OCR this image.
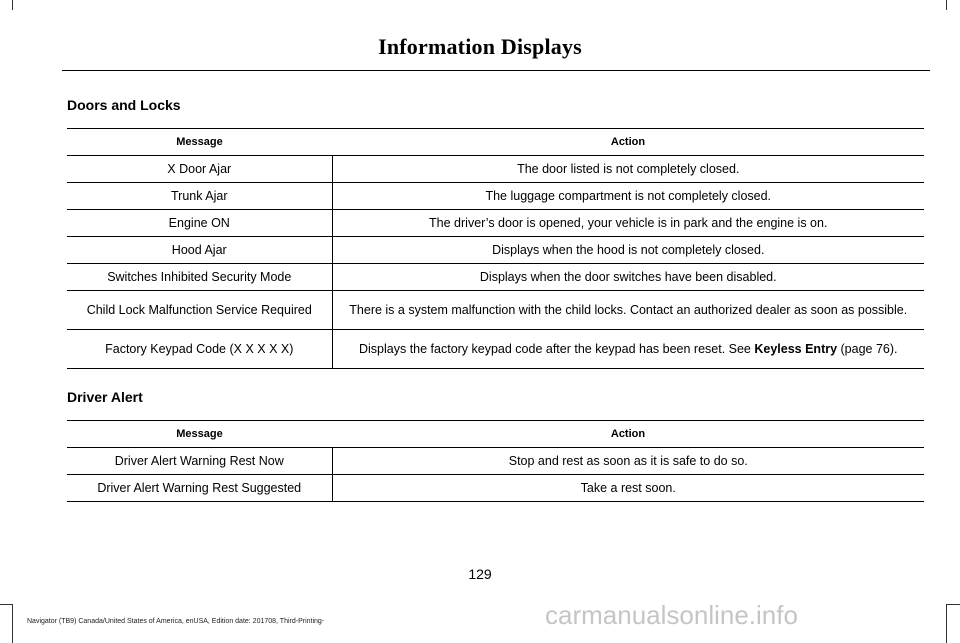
Information Displays
Doors and Locks
Message	Action
X Door Ajar	The door listed is not completely closed.
Trunk Ajar	The luggage compartment is not completely closed.
Engine ON	The driver’s door is opened, your vehicle is in park and the engine is on.
Hood Ajar	Displays when the hood is not completely closed.
Switches Inhibited Security Mode	Displays when the door switches have been disabled.
Child Lock Malfunction Service Required	There is a system malfunction with the child locks. Contact an authorized dealer as soon as possible.
Factory Keypad Code (X X X X X)	Displays the factory keypad code after the keypad has been reset. See Keyless Entry (page 76).
Driver Alert
Message	Action
Driver Alert Warning Rest Now	Stop and rest as soon as it is safe to do so.
Driver Alert Warning Rest Suggested	Take a rest soon.
129
Navigator (TB9) Canada/United States of America, enUSA, Edition date: 201708, Third-Printing-	carmanualsonline.info
